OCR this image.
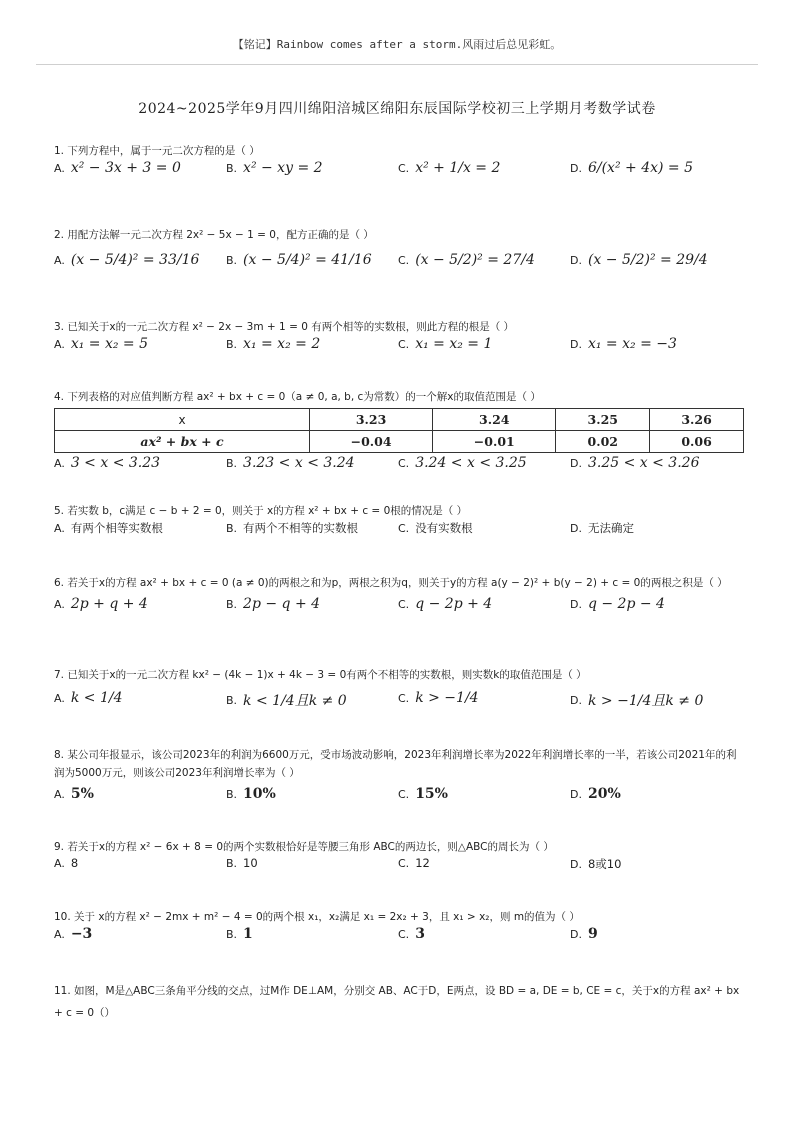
【铭记】Rainbow comes after a storm.风雨过后总见彩虹。
2024~2025学年9月四川绵阳涪城区绵阳东辰国际学校初三上学期月考数学试卷
1. 下列方程中，属于一元二次方程的是（ ）
A. x² − 3x + 3 = 0	B. x² − xy = 2	C. x² + 1/x = 2	D. 6/(x² + 4x) = 5
2. 用配方法解一元二次方程 2x² − 5x − 1 = 0，配方正确的是（ ）
A. (x − 5/4)² = 33/16 B. (x − 5/4)² = 41/16 C. (x − 5/2)² = 27/4	D. (x − 5/2)² = 29/4
3. 已知关于x的一元二次方程 x² − 2x − 3m + 1 = 0 有两个相等的实数根，则此方程的根是（ ）
A. x₁ = x₂ = 5	B. x₁ = x₂ = 2	C. x₁ = x₂ = 1	D. x₁ = x₂ = −3
4. 下列表格的对应值判断方程 ax² + bx + c = 0（a ≠ 0, a, b, c为常数）的一个解x的取值范围是（ ）
x	3.23	3.24	3.25	3.26
ax² + bx + c	−0.04	−0.01	0.02	0.06
A. 3 < x < 3.23	B. 3.23 < x < 3.24	C. 3.24 < x < 3.25	D. 3.25 < x < 3.26
5. 若实数 b，c满足 c − b + 2 = 0，则关于 x的方程 x² + bx + c = 0根的情况是（ ）
A. 有两个相等实数根	B. 有两个不相等的实数根	C. 没有实数根	D. 无法确定
6. 若关于x的方程 ax² + bx + c = 0 (a ≠ 0)的两根之和为p，两根之积为q，则关于y的方程 a(y − 2)² + b(y − 2) + c = 0的两根之积是（ ）
A. 2p + q + 4	B. 2p − q + 4	C. q − 2p + 4	D. q − 2p − 4
7. 已知关于x的一元二次方程 kx² − (4k − 1)x + 4k − 3 = 0有两个不相等的实数根，则实数k的取值范围是（ ）
A. k < 1/4	B. k < 1/4且k ≠ 0	C. k > −1/4	D. k > −1/4且k ≠ 0
8. 某公司年报显示，该公司2023年的利润为6600万元，受市场波动影响，2023年利润增长率为2022年利润增长率的一半，若该公司2021年的利润为5000万元，则该公司2023年利润增长率为（ ）
A. 5%	B. 10%	C. 15%	D. 20%
9. 若关于x的方程 x² − 6x + 8 = 0的两个实数根恰好是等腰三角形 ABC的两边长，则△ABC的周长为（ ）
A. 8	B. 10	C. 12	D. 8或10
10. 关于 x的方程 x² − 2mx + m² − 4 = 0的两个根 x₁，x₂满足 x₁ = 2x₂ + 3，且 x₁ > x₂，则 m的值为（ ）
A. −3	B. 1	C. 3	D. 9
11. 如图，M是△ABC三条角平分线的交点，过M作 DE⊥AM，分别交 AB、AC于D，E两点，设 BD = a, DE = b, CE = c，关于x的方程 ax² + bx + c = 0（）
